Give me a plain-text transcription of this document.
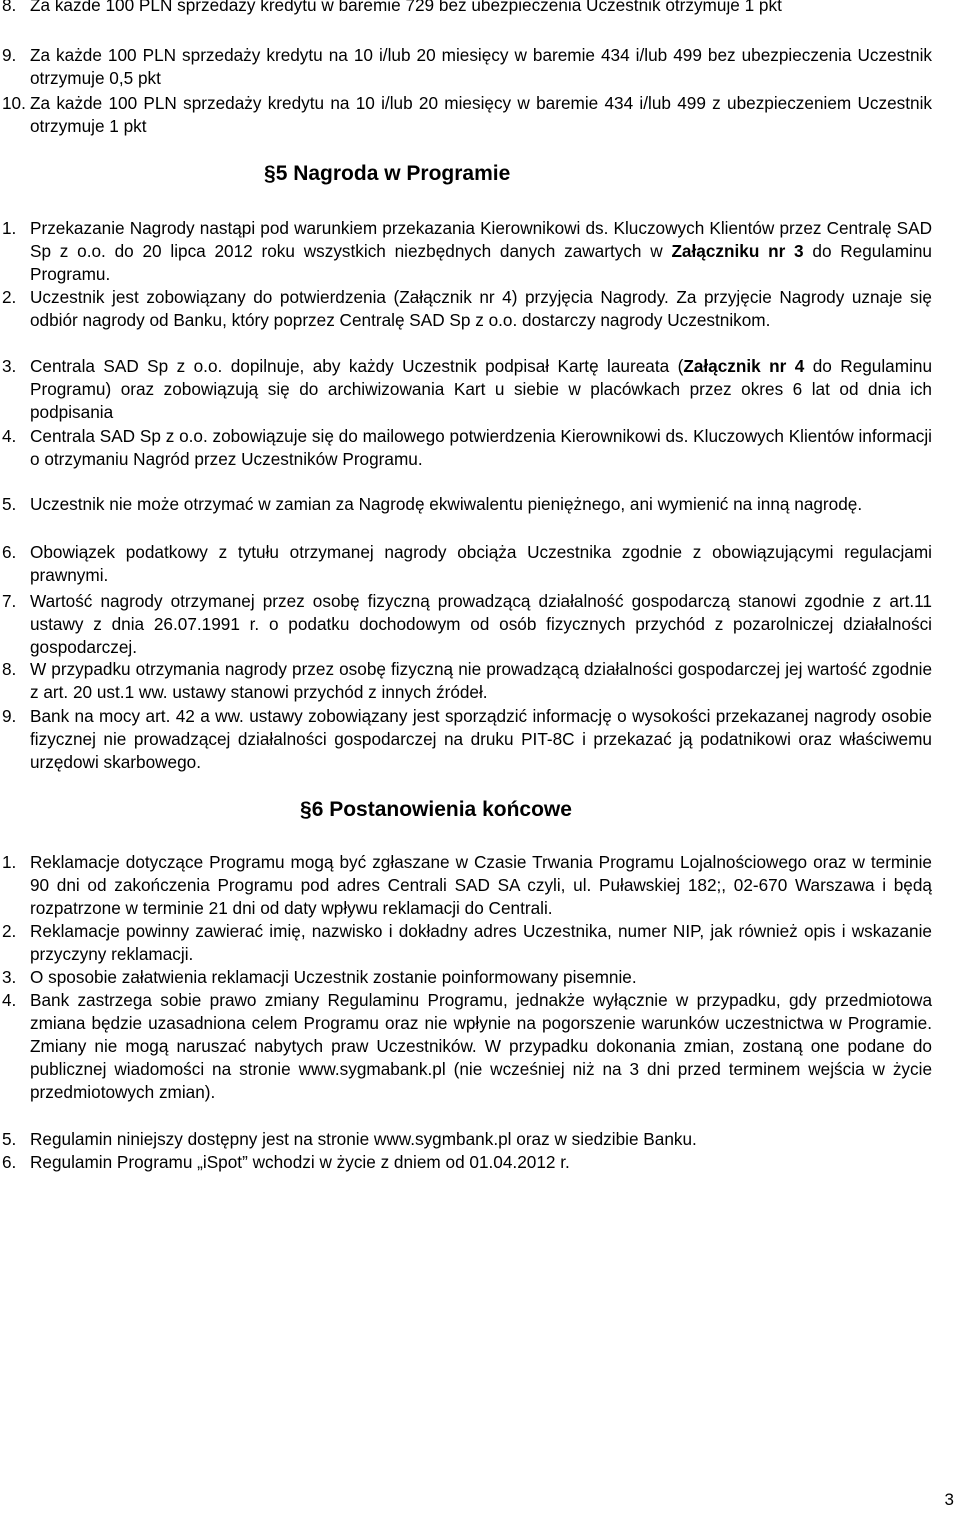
8. Za każde 100 PLN sprzedaży kredytu w baremie 729 bez ubezpieczenia Uczestnik otrzymuje 1 pkt
9. Za każde 100 PLN sprzedaży kredytu na 10 i/lub 20 miesięcy w baremie 434 i/lub 499 bez ubezpieczenia Uczestnik otrzymuje 0,5 pkt
10. Za każde 100 PLN sprzedaży kredytu na 10 i/lub 20 miesięcy w baremie 434 i/lub 499 z ubezpieczeniem Uczestnik otrzymuje 1 pkt
§5 Nagroda w Programie
1. Przekazanie Nagrody nastąpi pod warunkiem przekazania Kierownikowi ds. Kluczowych Klientów przez Centralę SAD Sp z o.o. do 20 lipca 2012 roku wszystkich niezbędnych danych zawartych w Załączniku nr 3 do Regulaminu Programu.
2. Uczestnik jest zobowiązany do potwierdzenia (Załącznik nr 4) przyjęcia Nagrody. Za przyjęcie Nagrody uznaje się odbiór nagrody od Banku, który poprzez Centralę SAD Sp z o.o. dostarczy nagrody Uczestnikom.
3. Centrala SAD Sp z o.o. dopilnuje, aby każdy Uczestnik podpisał Kartę laureata (Załącznik nr 4 do Regulaminu Programu) oraz zobowiązują się do archiwizowania Kart u siebie w placówkach przez okres 6 lat od dnia ich podpisania
4. Centrala SAD Sp z o.o. zobowiązuje się do mailowego potwierdzenia Kierownikowi ds. Kluczowych Klientów informacji o otrzymaniu Nagród przez Uczestników Programu.
5. Uczestnik nie może otrzymać w zamian za Nagrodę ekwiwalentu pieniężnego, ani wymienić na inną nagrodę.
6. Obowiązek podatkowy z tytułu otrzymanej nagrody obciąża Uczestnika zgodnie z obowiązującymi regulacjami prawnymi.
7. Wartość nagrody otrzymanej przez osobę fizyczną prowadzącą działalność gospodarczą stanowi zgodnie z art.11 ustawy z dnia 26.07.1991 r. o podatku dochodowym od osób fizycznych przychód z pozarolniczej działalności gospodarczej.
8. W przypadku otrzymania nagrody przez osobę fizyczną nie prowadzącą działalności gospodarczej jej wartość zgodnie z art. 20 ust.1 ww. ustawy stanowi przychód z innych źródeł.
9. Bank na mocy art. 42 a ww. ustawy zobowiązany jest sporządzić informację o wysokości przekazanej nagrody osobie fizycznej nie prowadzącej działalności gospodarczej na druku PIT-8C i przekazać ją podatnikowi oraz właściwemu urzędowi skarbowego.
§6 Postanowienia końcowe
1. Reklamacje dotyczące Programu mogą być zgłaszane w Czasie Trwania Programu Lojalnościowego oraz w terminie 90 dni od zakończenia Programu pod adres Centrali SAD SA czyli, ul. Puławskiej 182;, 02-670 Warszawa i będą rozpatrzone w terminie 21 dni od daty wpływu reklamacji do Centrali.
2. Reklamacje powinny zawierać imię, nazwisko i dokładny adres Uczestnika, numer NIP, jak również opis i wskazanie przyczyny reklamacji.
3. O sposobie załatwienia reklamacji Uczestnik zostanie poinformowany pisemnie.
4. Bank zastrzega sobie prawo zmiany Regulaminu Programu, jednakże wyłącznie w przypadku, gdy przedmiotowa zmiana będzie uzasadniona celem Programu oraz nie wpłynie na pogorszenie warunków uczestnictwa w Programie. Zmiany nie mogą naruszać nabytych praw Uczestników. W przypadku dokonania zmian, zostaną one podane do publicznej wiadomości na stronie www.sygmabank.pl (nie wcześniej niż na 3 dni przed terminem wejścia w życie przedmiotowych zmian).
5. Regulamin niniejszy dostępny jest na stronie www.sygmbank.pl oraz w siedzibie Banku.
6. Regulamin Programu „iSpot” wchodzi w życie z dniem od 01.04.2012 r.
3
